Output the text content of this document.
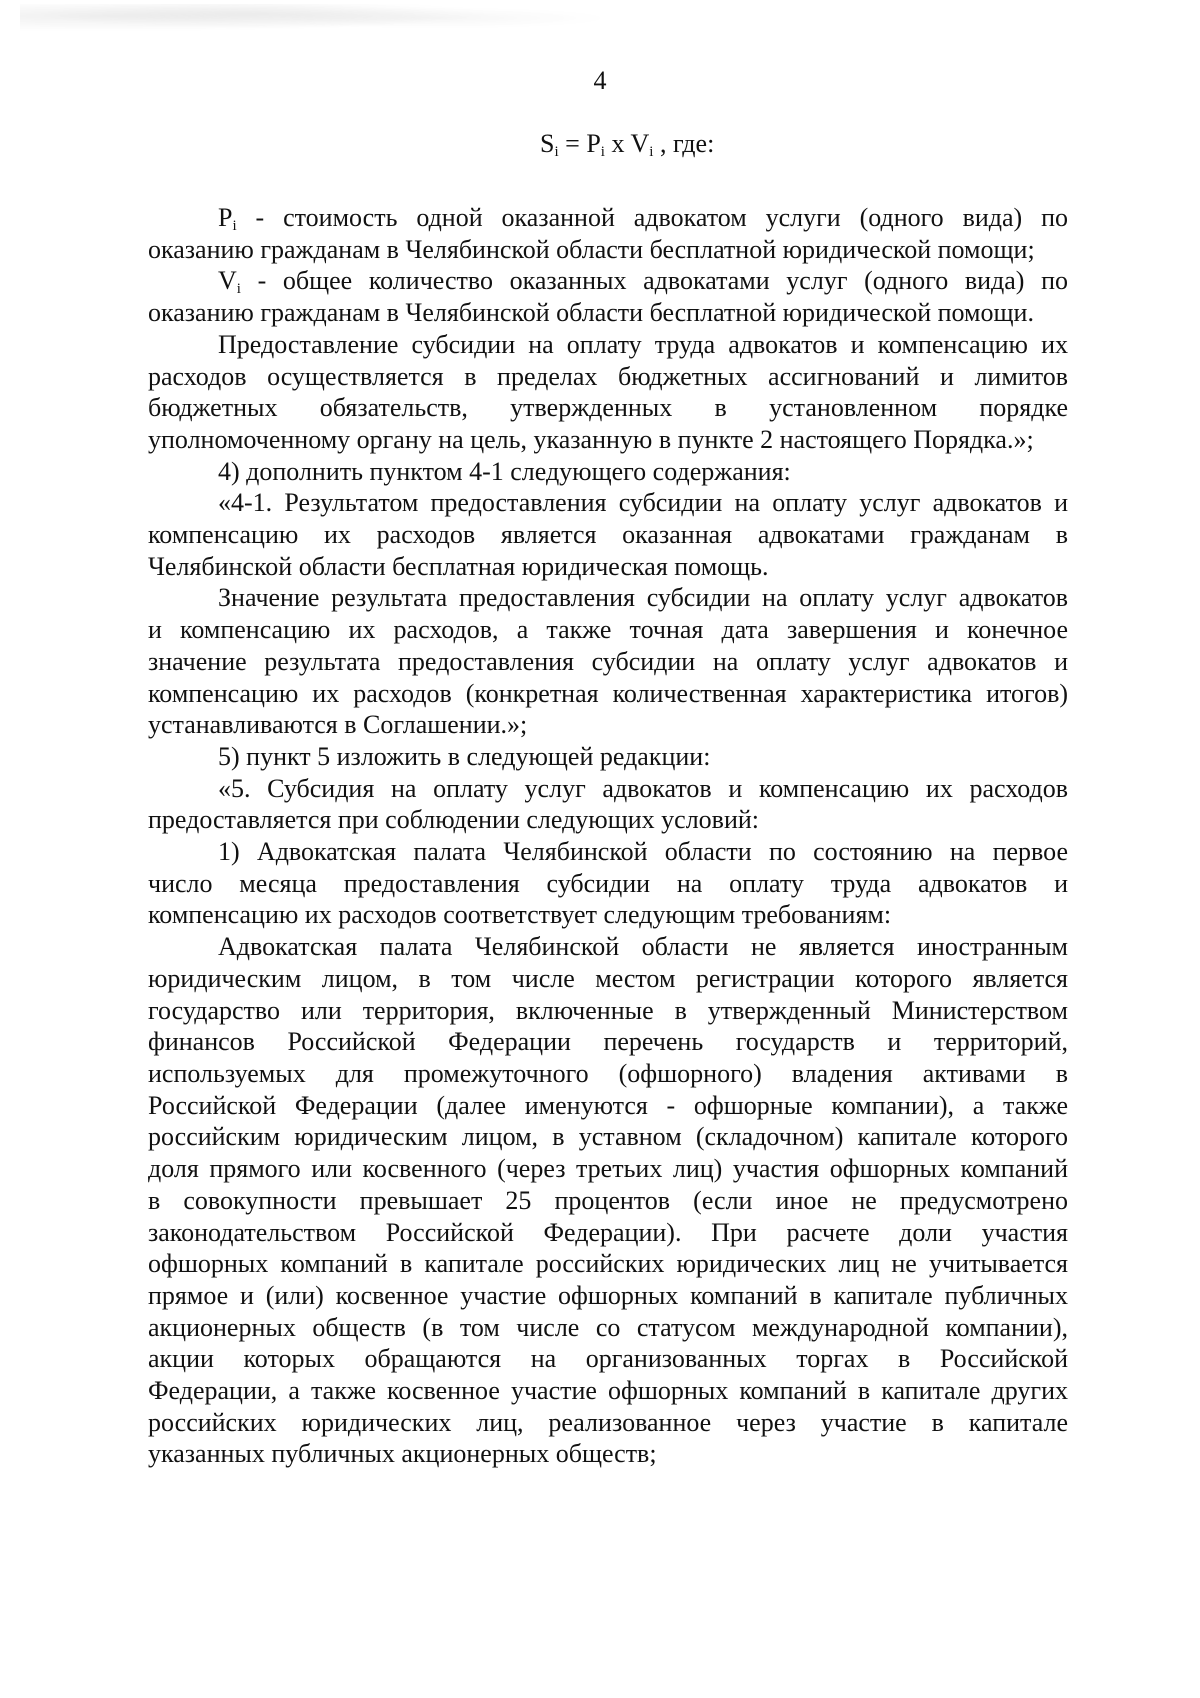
4
$S_i = P_i$ x $V_i$ , где:
$P_i$ - стоимость одной оказанной адвокатом услуги (одного вида) по
оказанию гражданам в Челябинской области бесплатной юридической помощи;
$V_i$ - общее количество оказанных адвокатами услуг (одного вида) по
оказанию гражданам в Челябинской области бесплатной юридической помощи.
Предоставление субсидии на оплату труда адвокатов и компенсацию их
расходов осуществляется в пределах бюджетных ассигнований и лимитов
бюджетных обязательств, утвержденных в установленном порядке
уполномоченному органу на цель, указанную в пункте 2 настоящего Порядка.»;
4) дополнить пунктом 4-1 следующего содержания:
«4-1. Результатом предоставления субсидии на оплату услуг адвокатов и
компенсацию их расходов является оказанная адвокатами гражданам в
Челябинской области бесплатная юридическая помощь.
Значение результата предоставления субсидии на оплату услуг адвокатов
и компенсацию их расходов, а также точная дата завершения и конечное
значение результата предоставления субсидии на оплату услуг адвокатов и
компенсацию их расходов (конкретная количественная характеристика итогов)
устанавливаются в Соглашении.»;
5) пункт 5 изложить в следующей редакции:
«5. Субсидия на оплату услуг адвокатов и компенсацию их расходов
предоставляется при соблюдении следующих условий:
1) Адвокатская палата Челябинской области по состоянию на первое
число месяца предоставления субсидии на оплату труда адвокатов и
компенсацию их расходов соответствует следующим требованиям:
Адвокатская палата Челябинской области не является иностранным
юридическим лицом, в том числе местом регистрации которого является
государство или территория, включенные в утвержденный Министерством
финансов Российской Федерации перечень государств и территорий,
используемых для промежуточного (офшорного) владения активами в
Российской Федерации (далее именуются - офшорные компании), а также
российским юридическим лицом, в уставном (складочном) капитале которого
доля прямого или косвенного (через третьих лиц) участия офшорных компаний
в совокупности превышает 25 процентов (если иное не предусмотрено
законодательством Российской Федерации). При расчете доли участия
офшорных компаний в капитале российских юридических лиц не учитывается
прямое и (или) косвенное участие офшорных компаний в капитале публичных
акционерных обществ (в том числе со статусом международной компании),
акции которых обращаются на организованных торгах в Российской
Федерации, а также косвенное участие офшорных компаний в капитале других
российских юридических лиц, реализованное через участие в капитале
указанных публичных акционерных обществ;
